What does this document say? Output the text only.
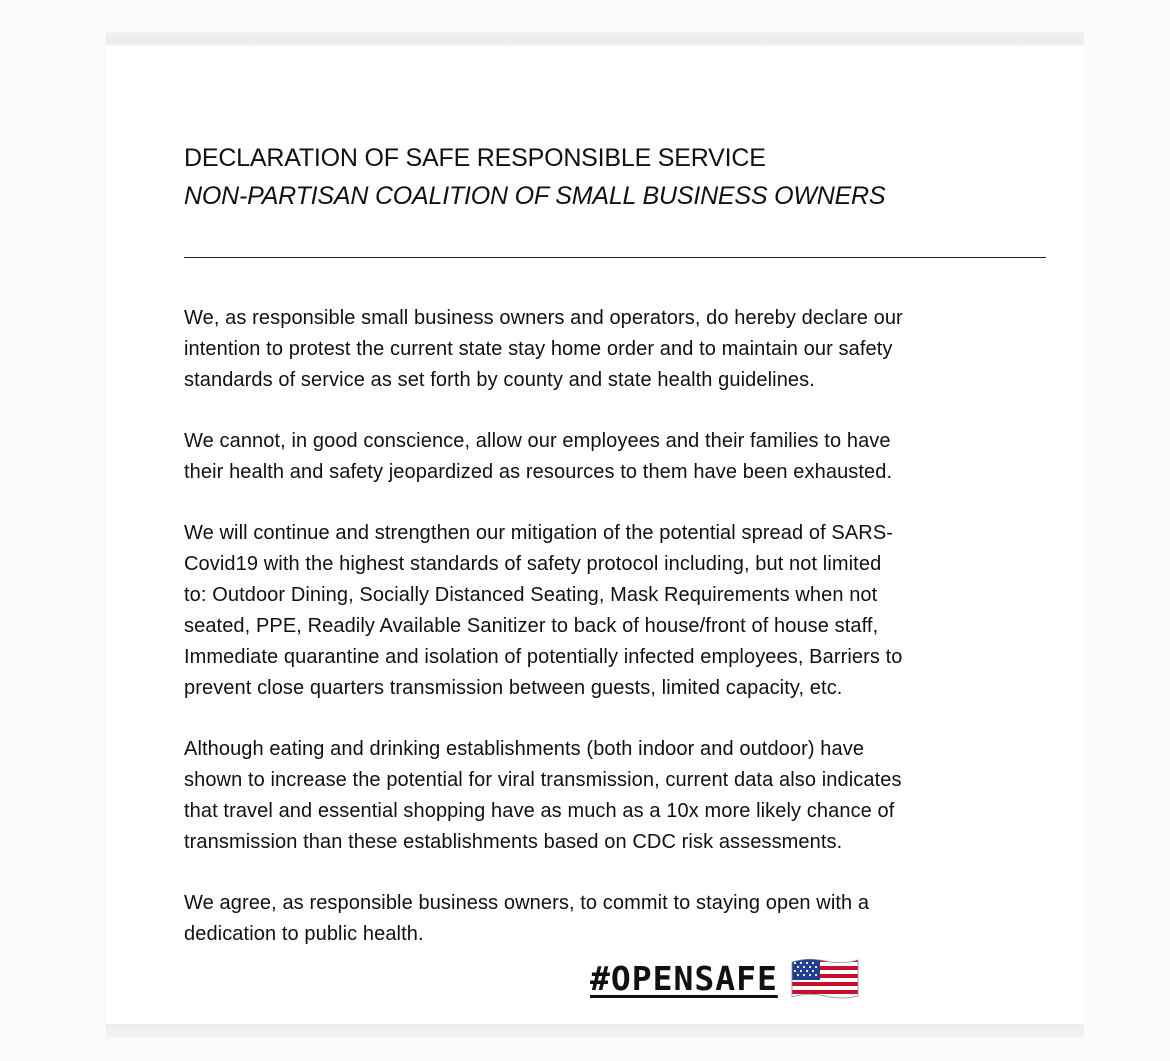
DECLARATION OF SAFE RESPONSIBLE SERVICE
NON-PARTISAN COALITION OF SMALL BUSINESS OWNERS

We, as responsible small business owners and operators, do hereby declare our
intention to protest the current state stay home order and to maintain our safety
standards of service as set forth by county and state health guidelines.

We cannot, in good conscience, allow our employees and their families to have
their health and safety jeopardized as resources to them have been exhausted.

We will continue and strengthen our mitigation of the potential spread of SARS-
Covid19 with the highest standards of safety protocol including, but not limited
to: Outdoor Dining, Socially Distanced Seating, Mask Requirements when not
seated, PPE, Readily Available Sanitizer to back of house/front of house staff,
Immediate quarantine and isolation of potentially infected employees, Barriers to
prevent close quarters transmission between guests, limited capacity, etc.

Although eating and drinking establishments (both indoor and outdoor) have
shown to increase the potential for viral transmission, current data also indicates
that travel and essential shopping have as much as a 10x more likely chance of
transmission than these establishments based on CDC risk assessments.

We agree, as responsible business owners, to commit to staying open with a
dedication to public health.

#OPENSAFE
